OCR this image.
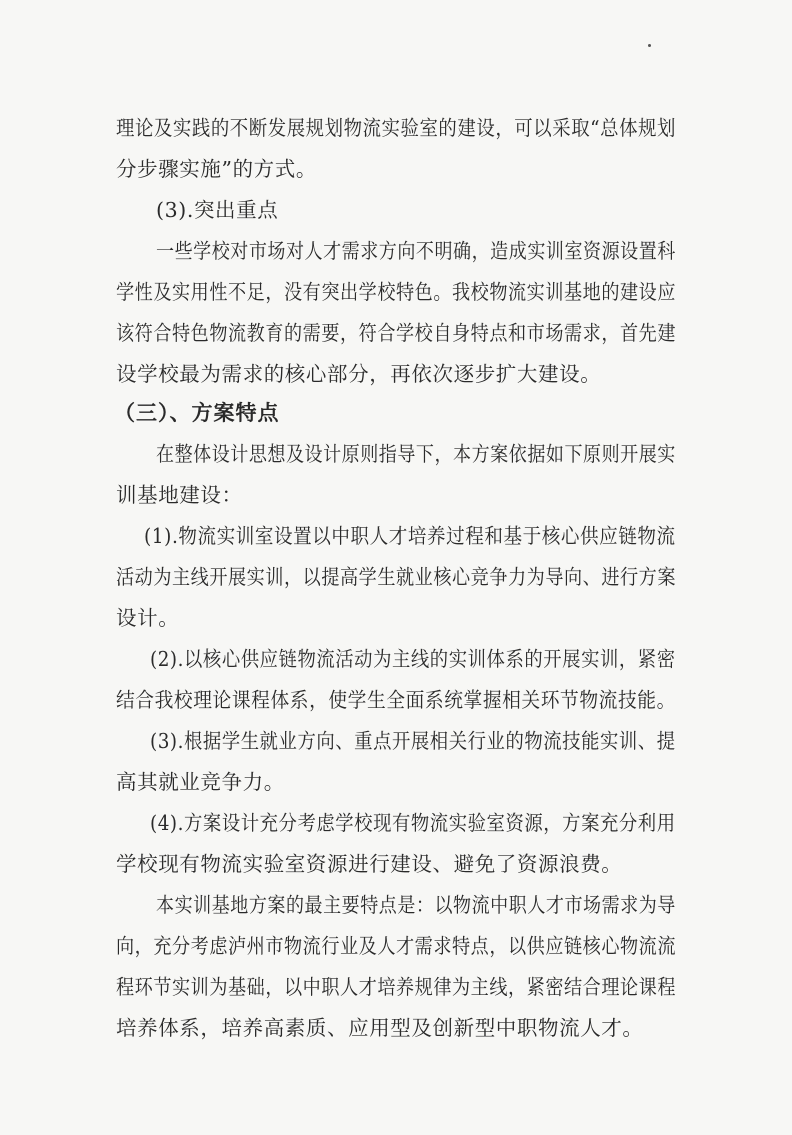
理论及实践的不断发展规划物流实验室的建设，可以采取“总体规划
分步骤实施”的方式。
(3).突出重点
一些学校对市场对人才需求方向不明确，造成实训室资源设置科
学性及实用性不足，没有突出学校特色。我校物流实训基地的建设应
该符合特色物流教育的需要，符合学校自身特点和市场需求，首先建
设学校最为需求的核心部分，再依次逐步扩大建设。
（三）、方案特点
在整体设计思想及设计原则指导下，本方案依据如下原则开展实
训基地建设：
(1).物流实训室设置以中职人才培养过程和基于核心供应链物流
活动为主线开展实训，以提高学生就业核心竞争力为导向、进行方案
设计。
(2).以核心供应链物流活动为主线的实训体系的开展实训，紧密
结合我校理论课程体系，使学生全面系统掌握相关环节物流技能。
(3).根据学生就业方向、重点开展相关行业的物流技能实训、提
高其就业竞争力。
(4).方案设计充分考虑学校现有物流实验室资源，方案充分利用
学校现有物流实验室资源进行建设、避免了资源浪费。
本实训基地方案的最主要特点是：以物流中职人才市场需求为导
向，充分考虑泸州市物流行业及人才需求特点，以供应链核心物流流
程环节实训为基础，以中职人才培养规律为主线，紧密结合理论课程
培养体系，培养高素质、应用型及创新型中职物流人才。
